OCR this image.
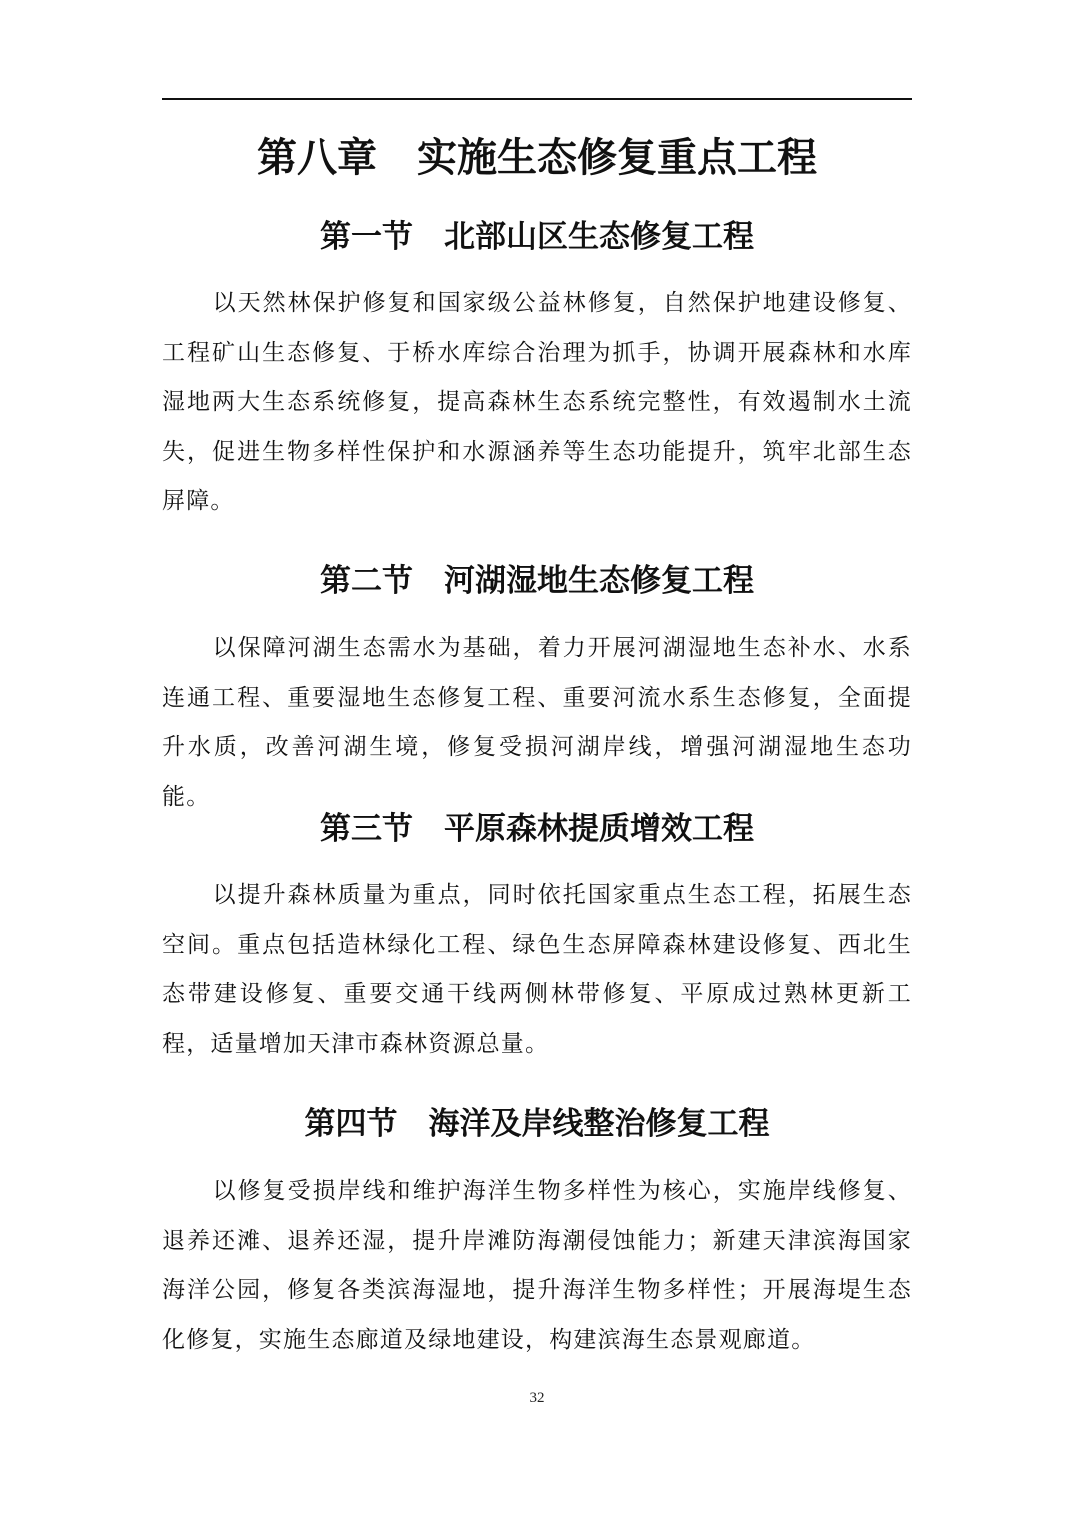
第八章　实施生态修复重点工程
第一节　北部山区生态修复工程

以天然林保护修复和国家级公益林修复，自然保护地建设修复、工程矿山生态修复、于桥水库综合治理为抓手，协调开展森林和水库湿地两大生态系统修复，提高森林生态系统完整性，有效遏制水土流失，促进生物多样性保护和水源涵养等生态功能提升，筑牢北部生态屏障。

第二节　河湖湿地生态修复工程

以保障河湖生态需水为基础，着力开展河湖湿地生态补水、水系连通工程、重要湿地生态修复工程、重要河流水系生态修复，全面提升水质，改善河湖生境，修复受损河湖岸线，增强河湖湿地生态功能。

第三节　平原森林提质增效工程

以提升森林质量为重点，同时依托国家重点生态工程，拓展生态空间。重点包括造林绿化工程、绿色生态屏障森林建设修复、西北生态带建设修复、重要交通干线两侧林带修复、平原成过熟林更新工程，适量增加天津市森林资源总量。

第四节　海洋及岸线整治修复工程

以修复受损岸线和维护海洋生物多样性为核心，实施岸线修复、退养还滩、退养还湿，提升岸滩防海潮侵蚀能力；新建天津滨海国家海洋公园，修复各类滨海湿地，提升海洋生物多样性；开展海堤生态化修复，实施生态廊道及绿地建设，构建滨海生态景观廊道。

32
